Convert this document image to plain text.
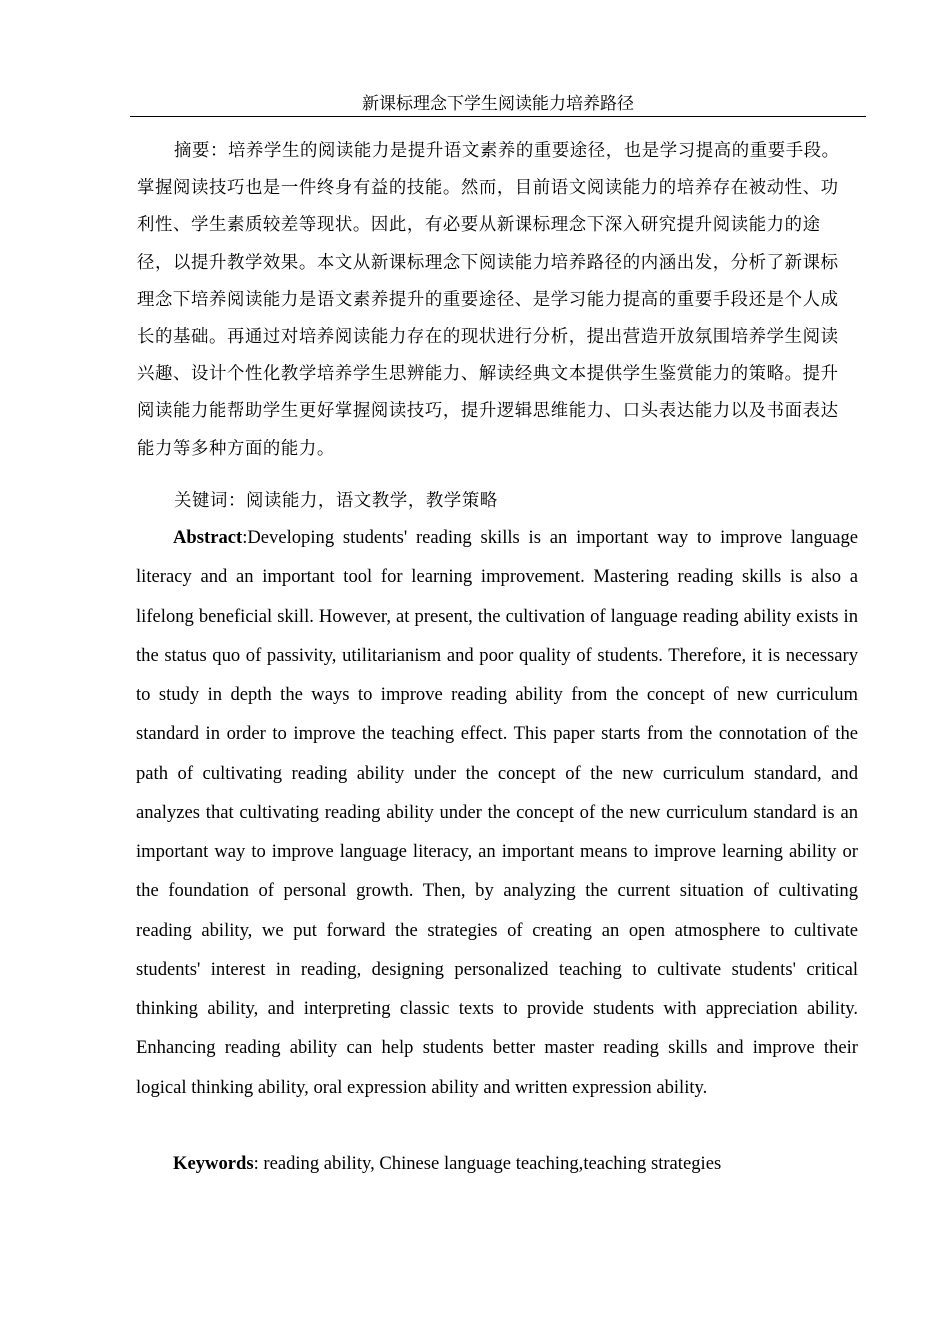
新课标理念下学生阅读能力培养路径

摘要：培养学生的阅读能力是提升语文素养的重要途径，也是学习提高的重要手段。掌握阅读技巧也是一件终身有益的技能。然而，目前语文阅读能力的培养存在被动性、功利性、学生素质较差等现状。因此，有必要从新课标理念下深入研究提升阅读能力的途径，以提升教学效果。本文从新课标理念下阅读能力培养路径的内涵出发，分析了新课标理念下培养阅读能力是语文素养提升的重要途径、是学习能力提高的重要手段还是个人成长的基础。再通过对培养阅读能力存在的现状进行分析，提出营造开放氛围培养学生阅读兴趣、设计个性化教学培养学生思辨能力、解读经典文本提供学生鉴赏能力的策略。提升阅读能力能帮助学生更好掌握阅读技巧，提升逻辑思维能力、口头表达能力以及书面表达能力等多种方面的能力。

关键词：阅读能力，语文教学，教学策略

Abstract:Developing students' reading skills is an important way to improve language literacy and an important tool for learning improvement. Mastering reading skills is also a lifelong beneficial skill. However, at present, the cultivation of language reading ability exists in the status quo of passivity, utilitarianism and poor quality of students. Therefore, it is necessary to study in depth the ways to improve reading ability from the concept of new curriculum standard in order to improve the teaching effect. This paper starts from the connotation of the path of cultivating reading ability under the concept of the new curriculum standard, and analyzes that cultivating reading ability under the concept of the new curriculum standard is an important way to improve language literacy, an important means to improve learning ability or the foundation of personal growth. Then, by analyzing the current situation of cultivating reading ability, we put forward the strategies of creating an open atmosphere to cultivate students' interest in reading, designing personalized teaching to cultivate students' critical thinking ability, and interpreting classic texts to provide students with appreciation ability. Enhancing reading ability can help students better master reading skills and improve their logical thinking ability, oral expression ability and written expression ability.

Keywords: reading ability, Chinese language teaching,teaching strategies
